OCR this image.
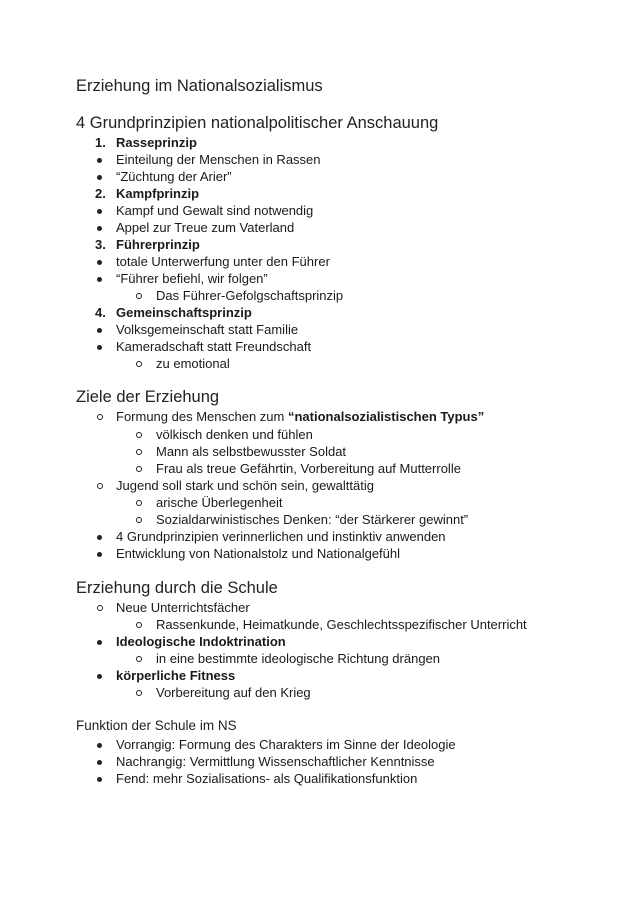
Erziehung im Nationalsozialismus
4 Grundprinzipien nationalpolitischer Anschauung
1. Rasseprinzip
Einteilung der Menschen in Rassen
“Züchtung der Arier”
2. Kampfprinzip
Kampf und Gewalt sind notwendig
Appel zur Treue zum Vaterland
3. Führerprinzip
totale Unterwerfung unter den Führer
“Führer befiehl, wir folgen”
Das Führer-Gefolgschaftsprinzip
4. Gemeinschaftsprinzip
Volksgemeinschaft statt Familie
Kameradschaft statt Freundschaft
zu emotional
Ziele der Erziehung
Formung des Menschen zum “nationalsozialistischen Typus”
völkisch denken und fühlen
Mann als selbstbewusster Soldat
Frau als treue Gefährtin, Vorbereitung auf Mutterrolle
Jugend soll stark und schön sein, gewalttätig
arische Überlegenheit
Sozialdarwinistisches Denken: “der Stärkerer gewinnt”
4 Grundprinzipien verinnerlichen und instinktiv anwenden
Entwicklung von Nationalstolz und Nationalgefühl
Erziehung durch die Schule
Neue Unterrichtsfächer
Rassenkunde, Heimatkunde, Geschlechtsspezifischer Unterricht
Ideologische Indoktrination
in eine bestimmte ideologische Richtung drängen
körperliche Fitness
Vorbereitung auf den Krieg
Funktion der Schule im NS
Vorrangig: Formung des Charakters im Sinne der Ideologie
Nachrangig: Vermittlung Wissenschaftlicher Kenntnisse
Fend: mehr Sozialisations- als Qualifikationsfunktion
